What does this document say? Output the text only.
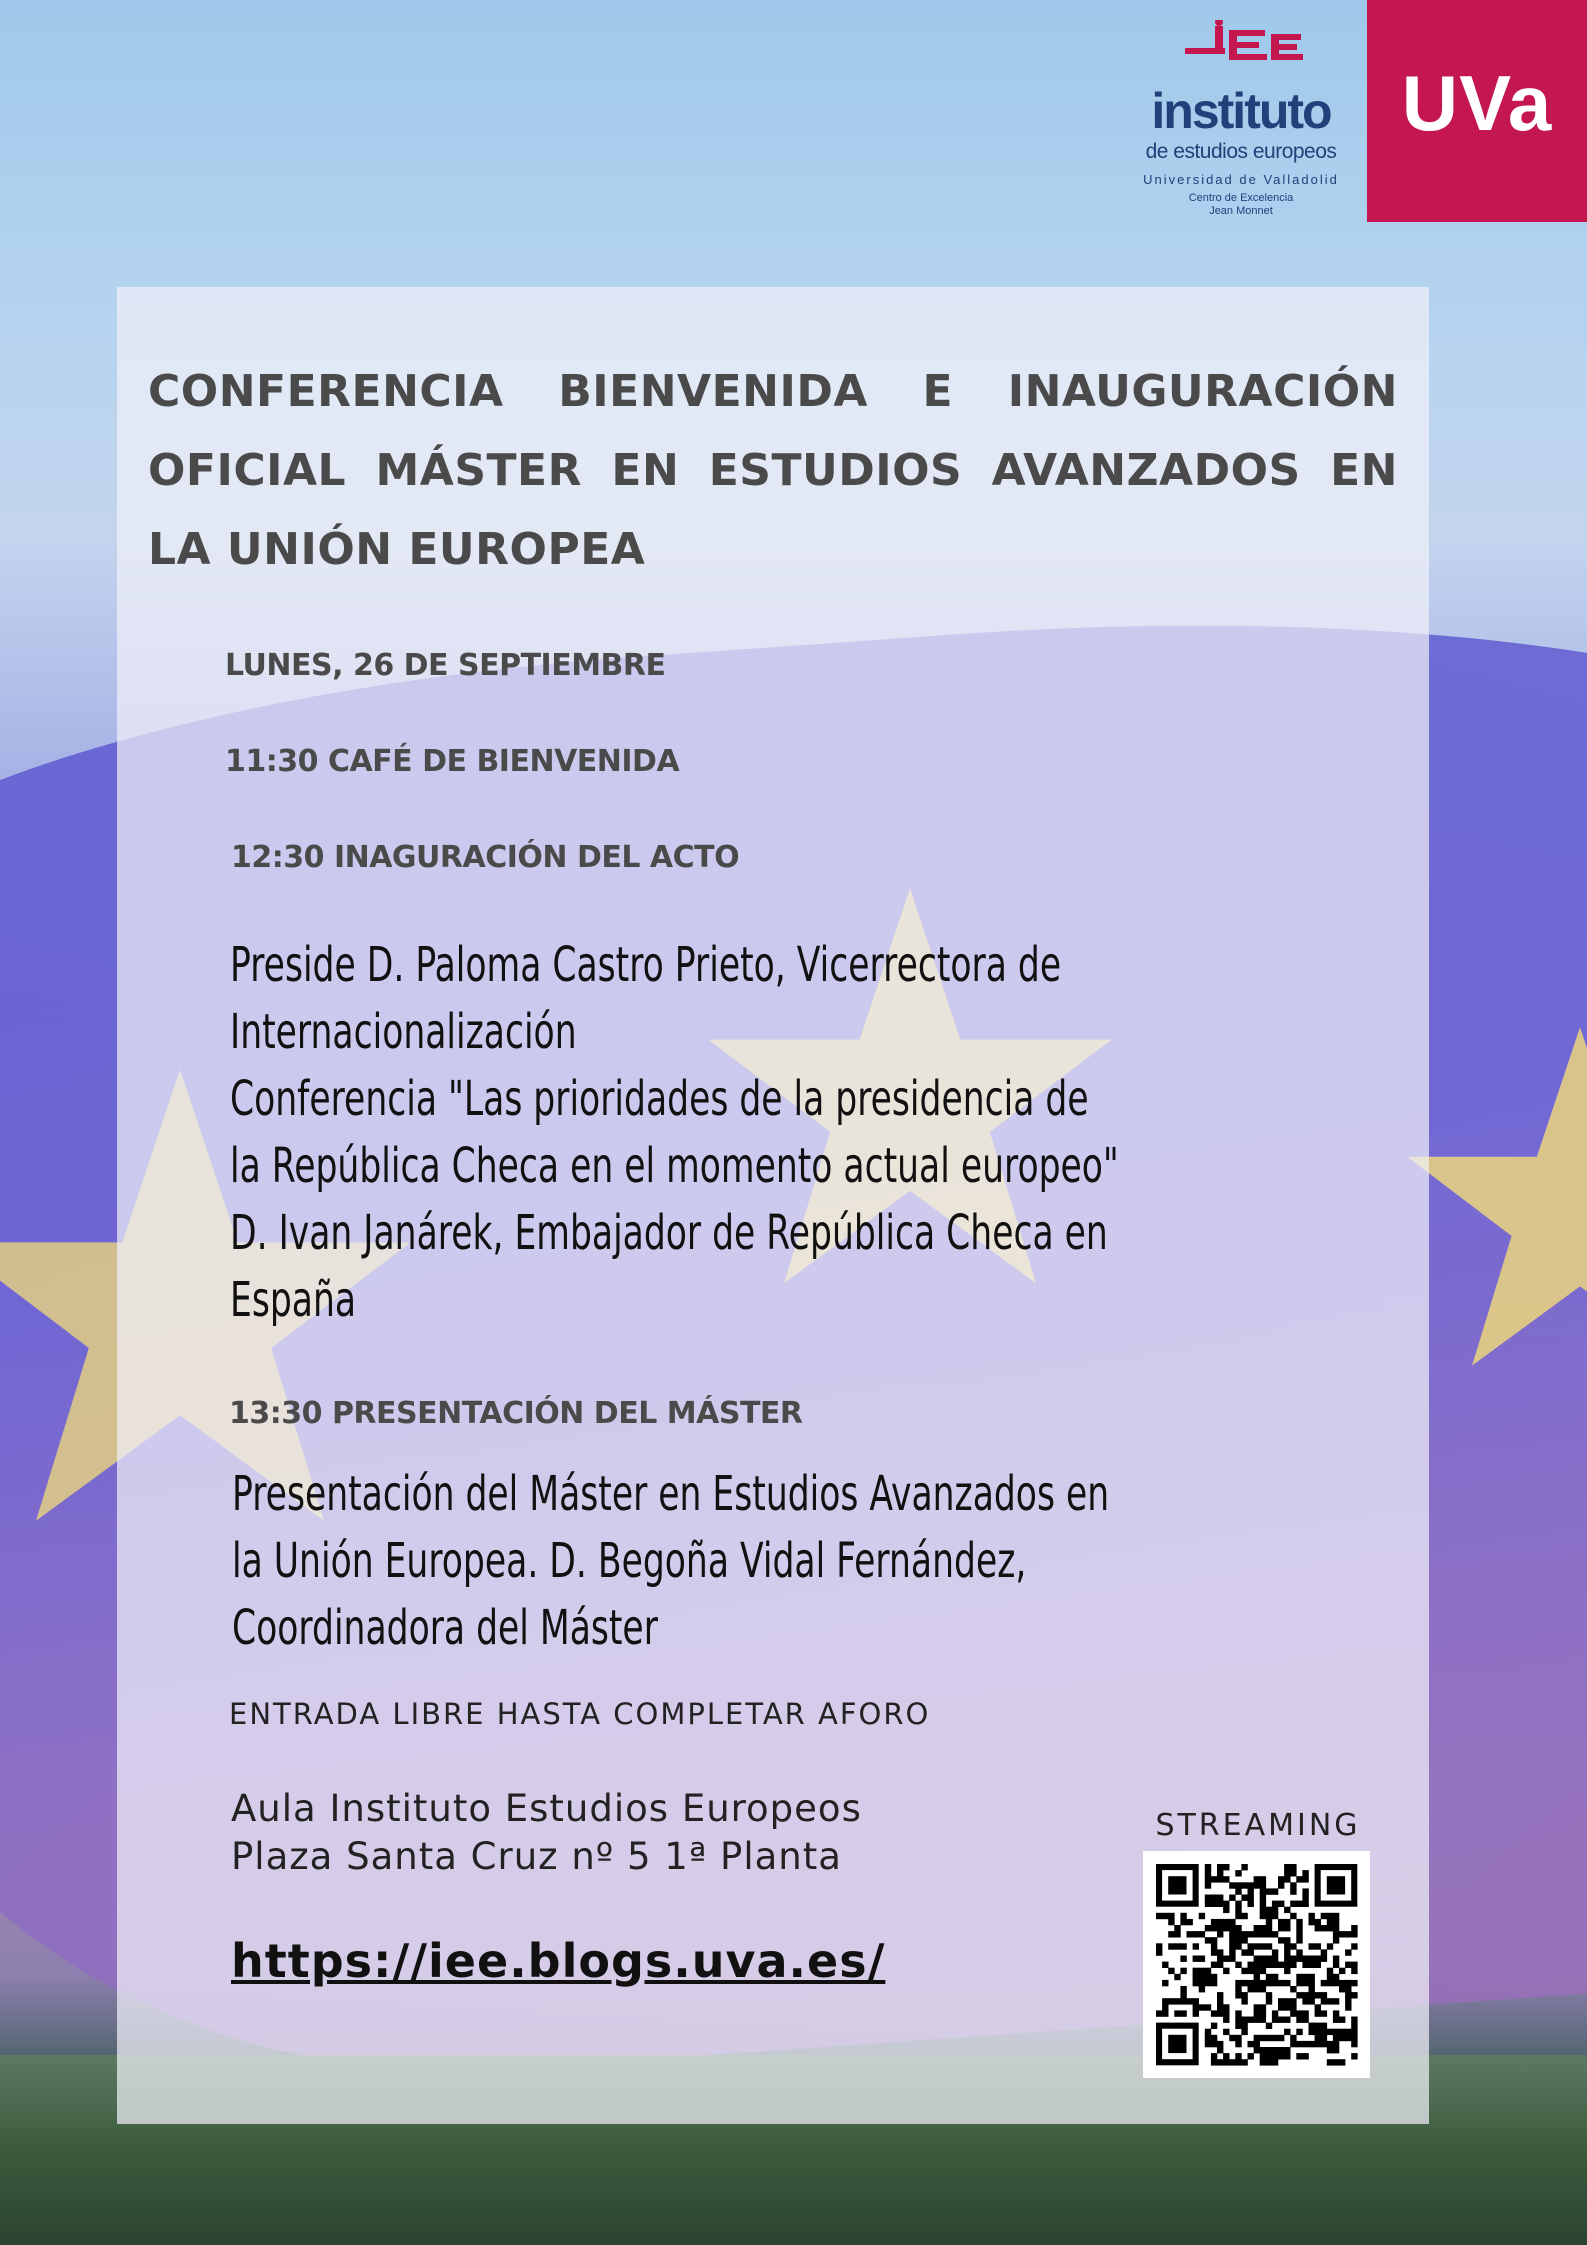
UVa
instituto
de estudios europeos
Universidad de Valladolid
Centro de Excelencia
Jean Monnet
CONFERENCIA BIENVENIDA E INAUGURACIÓN OFICIAL MÁSTER EN ESTUDIOS AVANZADOS EN LA UNIÓN EUROPEA
LUNES, 26 DE SEPTIEMBRE
11:30 CAFÉ DE BIENVENIDA
12:30 INAGURACIÓN DEL ACTO
Preside D. Paloma Castro Prieto, Vicerrectora de
Internacionalización
Conferencia "Las prioridades de la presidencia de
la República Checa en el momento actual europeo"
D. Ivan Janárek, Embajador de República Checa en
España
13:30 PRESENTACIÓN DEL MÁSTER
Presentación del Máster en Estudios Avanzados en
la Unión Europea. D. Begoña Vidal Fernández,
Coordinadora del Máster
ENTRADA LIBRE HASTA COMPLETAR AFORO
Aula Instituto Estudios Europeos
Plaza Santa Cruz nº 5 1ª Planta
https://iee.blogs.uva.es/
STREAMING
